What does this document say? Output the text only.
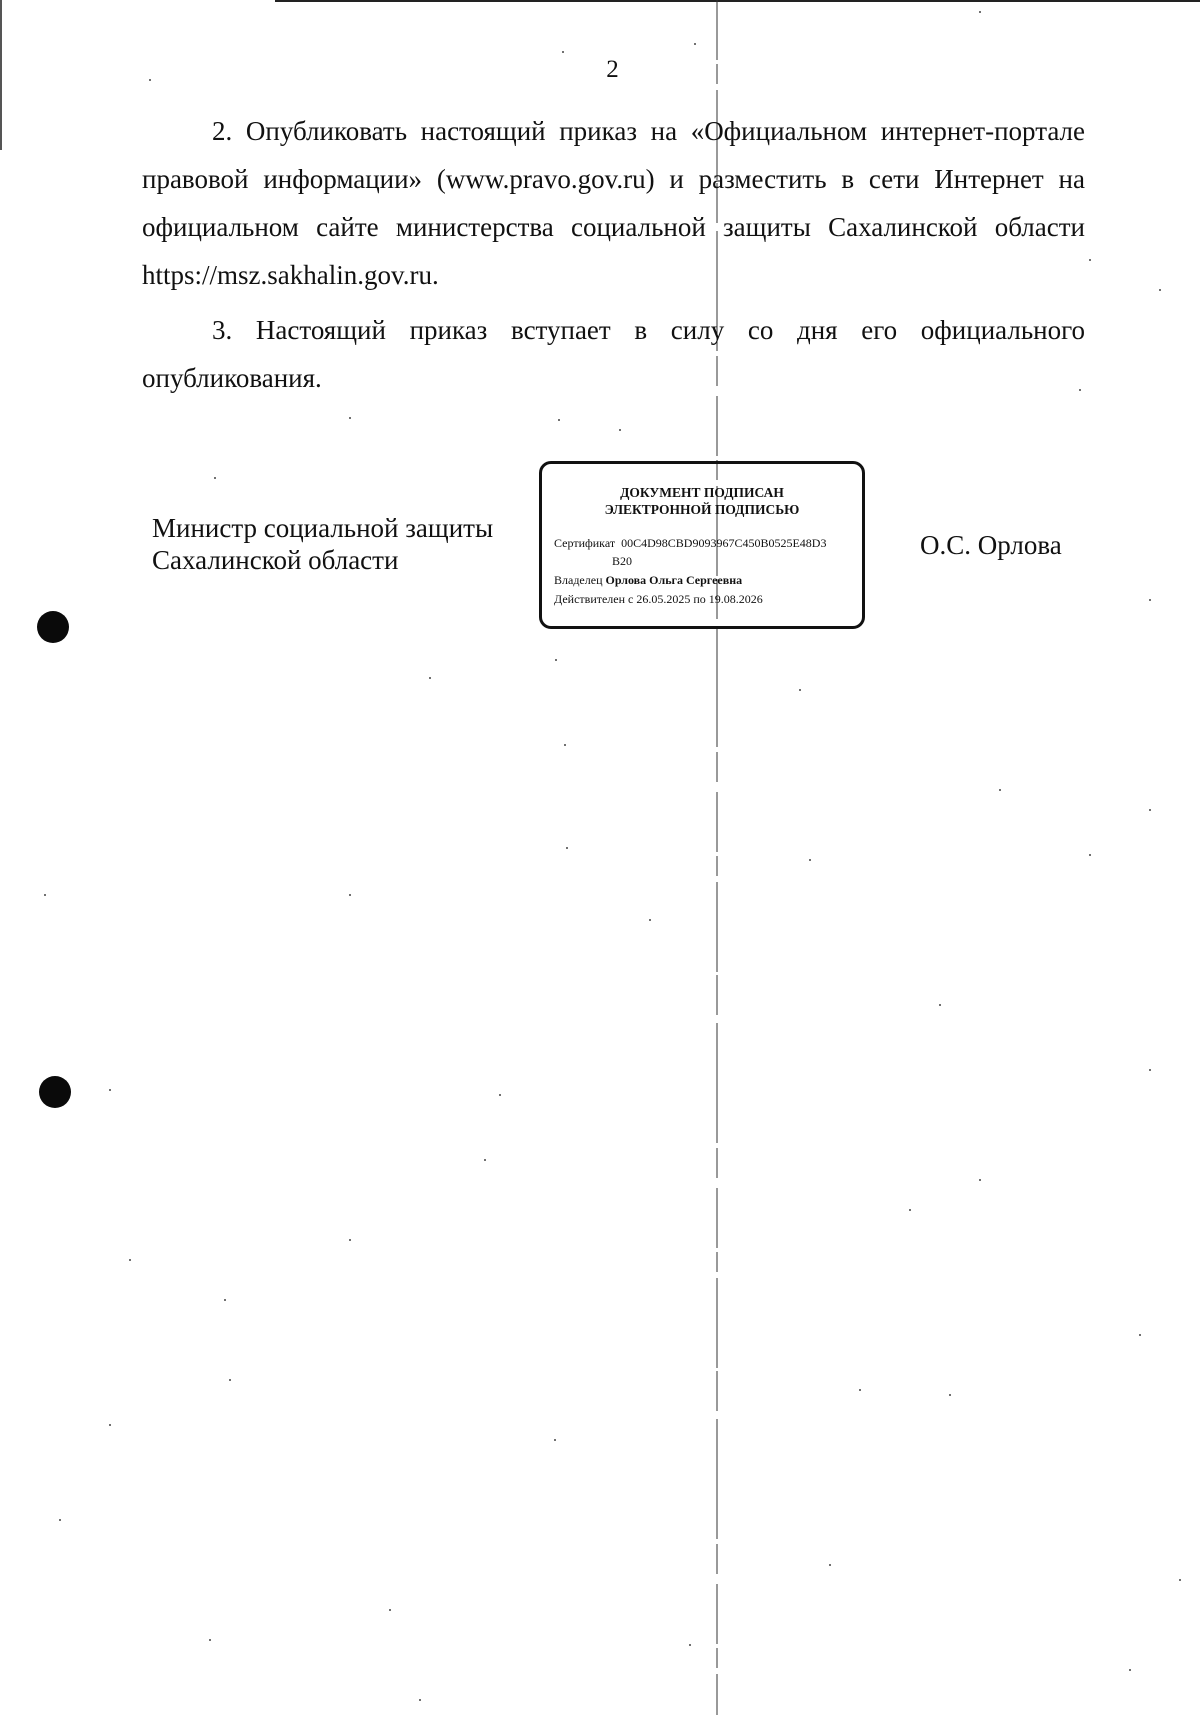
2

2. Опубликовать настоящий приказ на «Официальном интернет-портале правовой информации» (www.pravo.gov.ru) и разместить в сети Интернет на официальном сайте министерства социальной защиты Сахалинской области https://msz.sakhalin.gov.ru.

3. Настоящий приказ вступает в силу со дня его официального опубликования.

Министр социальной защиты
Сахалинской области
ДОКУМЕНТ ПОДПИСАН
ЭЛЕКТРОННОЙ ПОДПИСЬЮ
Сертификат 00C4D98CBD9093967C450B0525E48D3
B20
Владелец Орлова Ольга Сергеевна
Действителен с 26.05.2025 по 19.08.2026
О.С. Орлова
